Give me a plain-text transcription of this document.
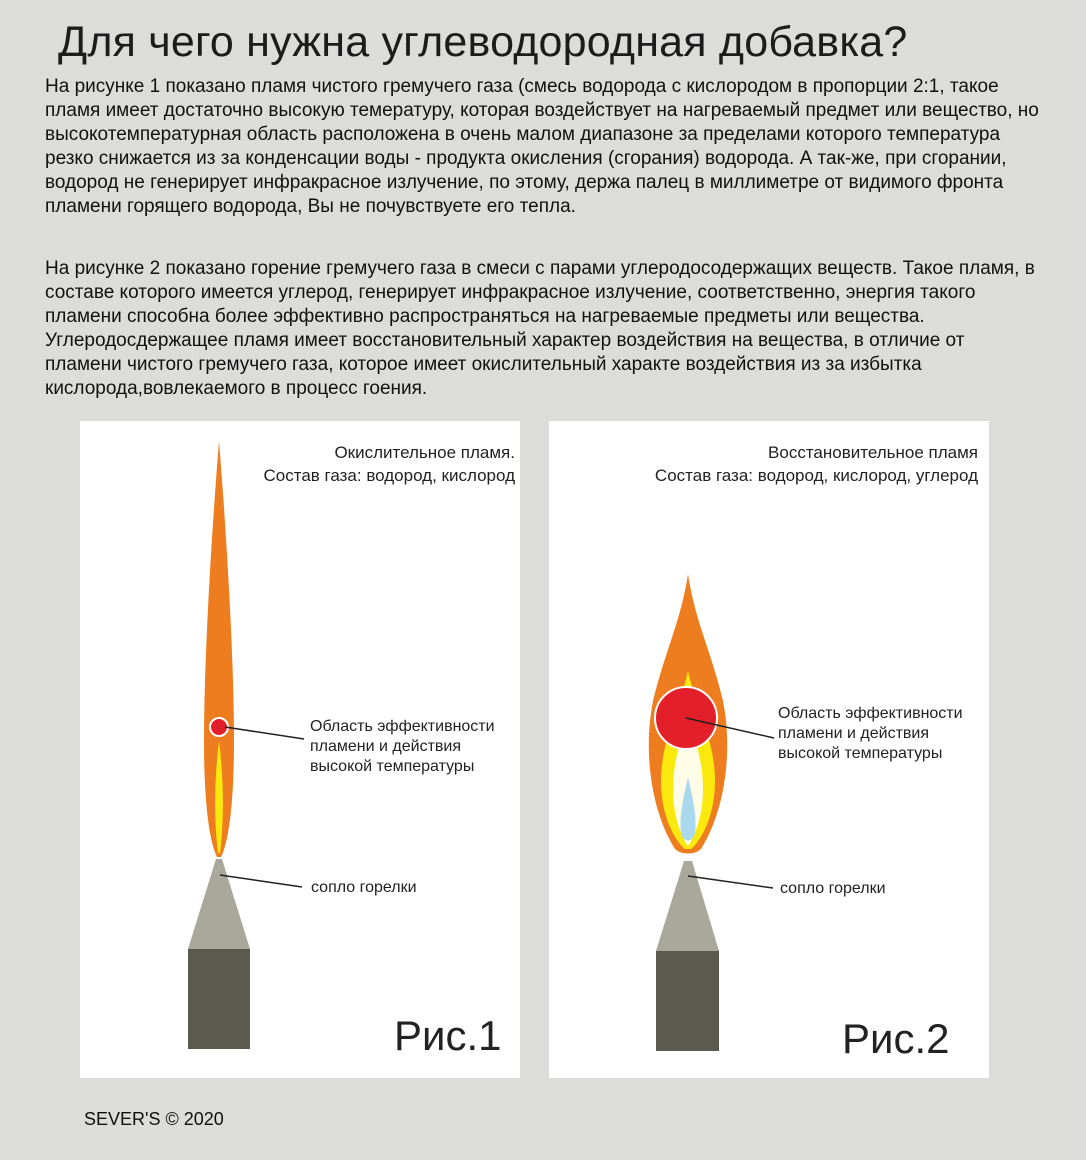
Для чего нужна углеводородная добавка?
На рисунке 1 показано пламя чистого гремучего газа (смесь водорода с кислородом в пропорции 2:1, такое пламя имеет достаточно высокую темературу, которая воздействует на нагреваемый предмет или вещество, но высокотемпературная область расположена в очень малом диапазоне за пределами которого температура резко снижается из за конденсации воды - продукта окисления (сгорания) водорода. А так-же, при сгорании, водород не генерирует инфракрасное излучение, по этому, держа палец в миллиметре от видимого фронта пламени горящего водорода, Вы не почувствуете его тепла.
На рисунке 2 показано горение гремучего газа в смеси с парами углеродосодержащих веществ. Такое пламя, в составе которого имеется углерод, генерирует инфракрасное излучение, соответственно, энергия такого пламени способна более эффективно распространяться на нагреваемые предметы или вещества. Углеродосдержащее пламя имеет восстановительный характер воздействия на вещества, в отличие от пламени чистого гремучего газа, которое имеет окислительный характе воздействия из за избытка кислорода,вовлекаемого в процесс гоения.
Окислительное пламя.
Состав газа: водород, кислород
Область эффективности
пламени и действия
высокой температуры
сопло горелки
Рис.1
Восстановительное пламя
Состав газа: водород, кислород, углерод
Область эффективности
пламени и действия
высокой температуры
сопло горелки
Рис.2
SEVER'S © 2020
